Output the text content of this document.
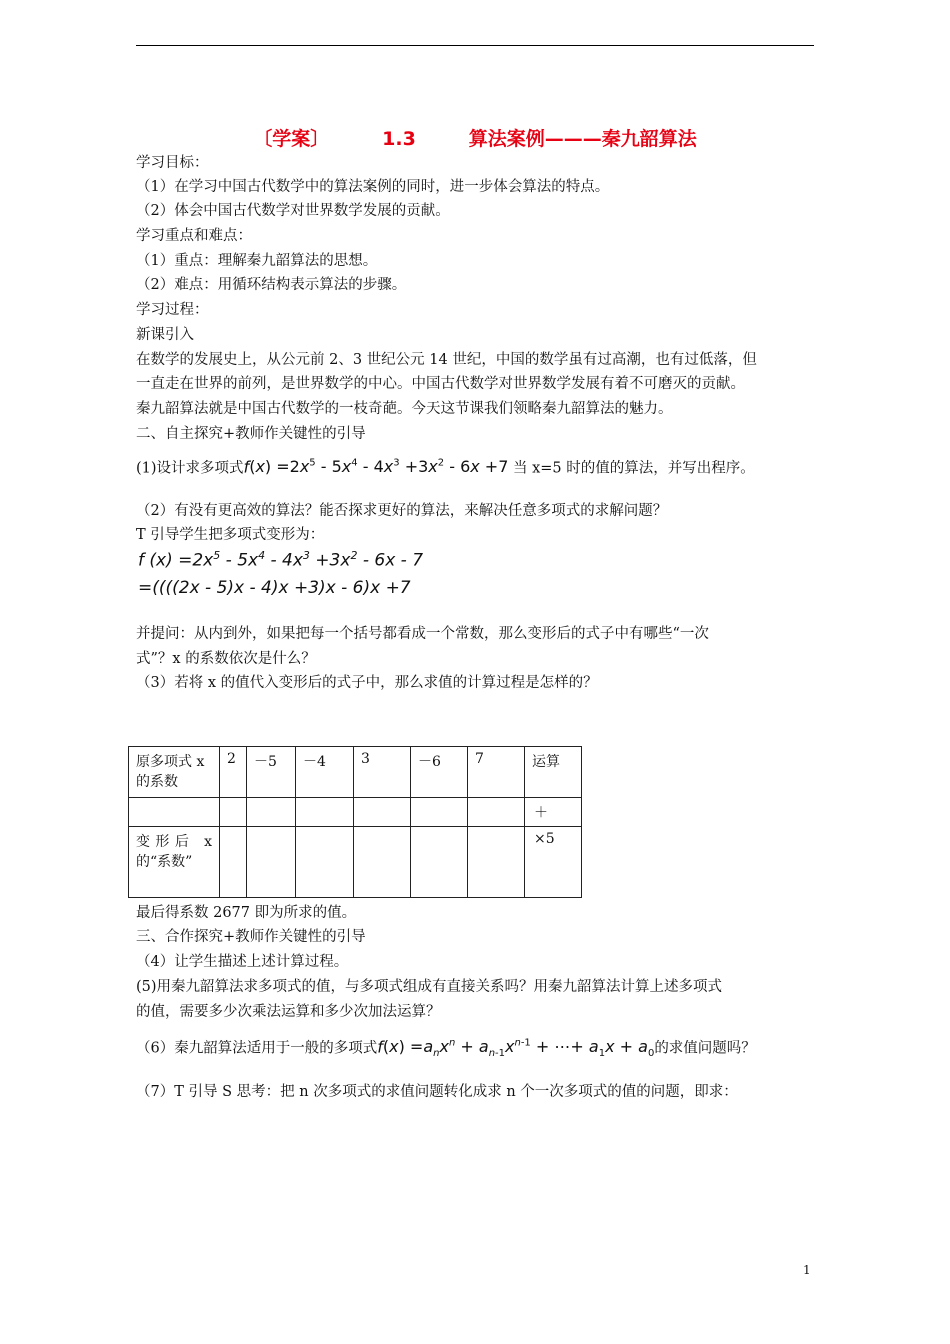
〔学案〕        1.3        算法案例———秦九韶算法
学习目标：
（1）在学习中国古代数学中的算法案例的同时，进一步体会算法的特点。
（2）体会中国古代数学对世界数学发展的贡献。
学习重点和难点：
（1）重点：理解秦九韶算法的思想。
（2）难点：用循环结构表示算法的步骤。
学习过程：
新课引入
在数学的发展史上，从公元前 2、3 世纪公元 14 世纪，中国的数学虽有过高潮，也有过低落，但
一直走在世界的前列，是世界数学的中心。中国古代数学对世界数学发展有着不可磨灭的贡献。
秦九韶算法就是中国古代数学的一枝奇葩。今天这节课我们领略秦九韶算法的魅力。
二、自主探究+教师作关键性的引导
(1)设计求多项式$f(x) =2x^5 - 5x^4 - 4x^3 +3x^2 - 6x +7$ 当 x=5 时的值的算法，并写出程序。
（2）有没有更高效的算法？能否探求更好的算法，来解决任意多项式的求解问题？
T 引导学生把多项式变形为：
f $(x) =2x^5 - 5x^4 - 4x^3 +3x^2 - 6x - 7$
=((((2x - 5)x - 4)x +3)x - 6)x +7
并提问：从内到外，如果把每一个括号都看成一个常数，那么变形后的式子中有哪些“一次
式”？x 的系数依次是什么？
（3）若将 x 的值代入变形后的式子中，那么求值的计算过程是怎样的？
原多项式 x 的系数	2	－5	－4	3	－6	7	运算
							＋
变形后 x 的“系数”							×5
最后得系数 2677 即为所求的值。
三、合作探究+教师作关键性的引导
（4）让学生描述上述计算过程。
(5)用秦九韶算法求多项式的值，与多项式组成有直接关系吗？用秦九韶算法计算上述多项式
的值，需要多少次乘法运算和多少次加法运算？
（6）秦九韶算法适用于一般的多项式$f(x) =a_nx^n + a_{n-1}x^{n-1}$ + ⋯+ $a_1x + a_0$的求值问题吗？
（7）T 引导 S 思考：把 n 次多项式的求值问题转化成求 n 个一次多项式的值的问题，即求：
1
